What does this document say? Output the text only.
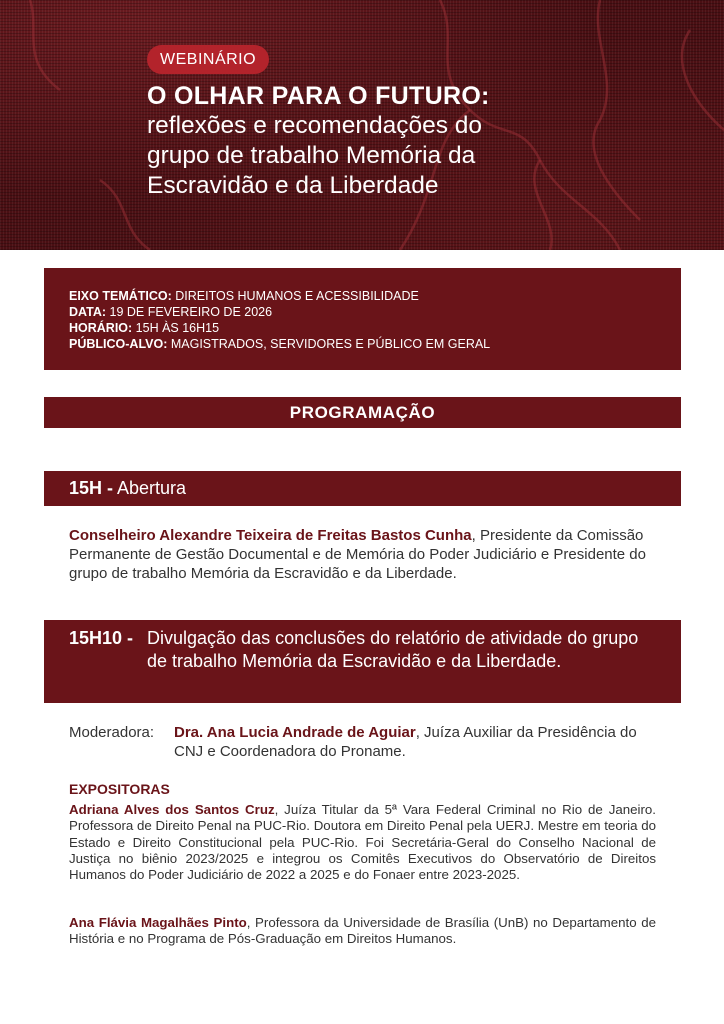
WEBINÁRIO
O OLHAR PARA O FUTURO:
reflexões e recomendações do
grupo de trabalho Memória da
Escravidão e da Liberdade
EIXO TEMÁTICO: DIREITOS HUMANOS E ACESSIBILIDADE
DATA: 19 DE FEVEREIRO DE 2026
HORÁRIO: 15H ÀS 16H15
PÚBLICO-ALVO: MAGISTRADOS, SERVIDORES E PÚBLICO EM GERAL
PROGRAMAÇÃO
15H - Abertura
Conselheiro Alexandre Teixeira de Freitas Bastos Cunha, Presidente da Comissão Permanente de Gestão Documental e de Memória do Poder Judiciário e Presidente do grupo de trabalho Memória da Escravidão e da Liberdade.
15H10 - Divulgação das conclusões do relatório de atividade do grupo de trabalho Memória da Escravidão e da Liberdade.
Moderadora:	Dra. Ana Lucia Andrade de Aguiar, Juíza Auxiliar da Presidência do CNJ e Coordenadora do Proname.
EXPOSITORAS
Adriana Alves dos Santos Cruz, Juíza Titular da 5ª Vara Federal Criminal no Rio de Janeiro. Professora de Direito Penal na PUC-Rio. Doutora em Direito Penal pela UERJ. Mestre em teoria do Estado e Direito Constitucional pela PUC-Rio. Foi Secretária-Geral do Conselho Nacional de Justiça no biênio 2023/2025 e integrou os Comitês Executivos do Observatório de Direitos Humanos do Poder Judiciário de 2022 a 2025 e do Fonaer entre 2023-2025.
Ana Flávia Magalhães Pinto, Professora da Universidade de Brasília (UnB) no Departamento de História e no Programa de Pós-Graduação em Direitos Humanos.
